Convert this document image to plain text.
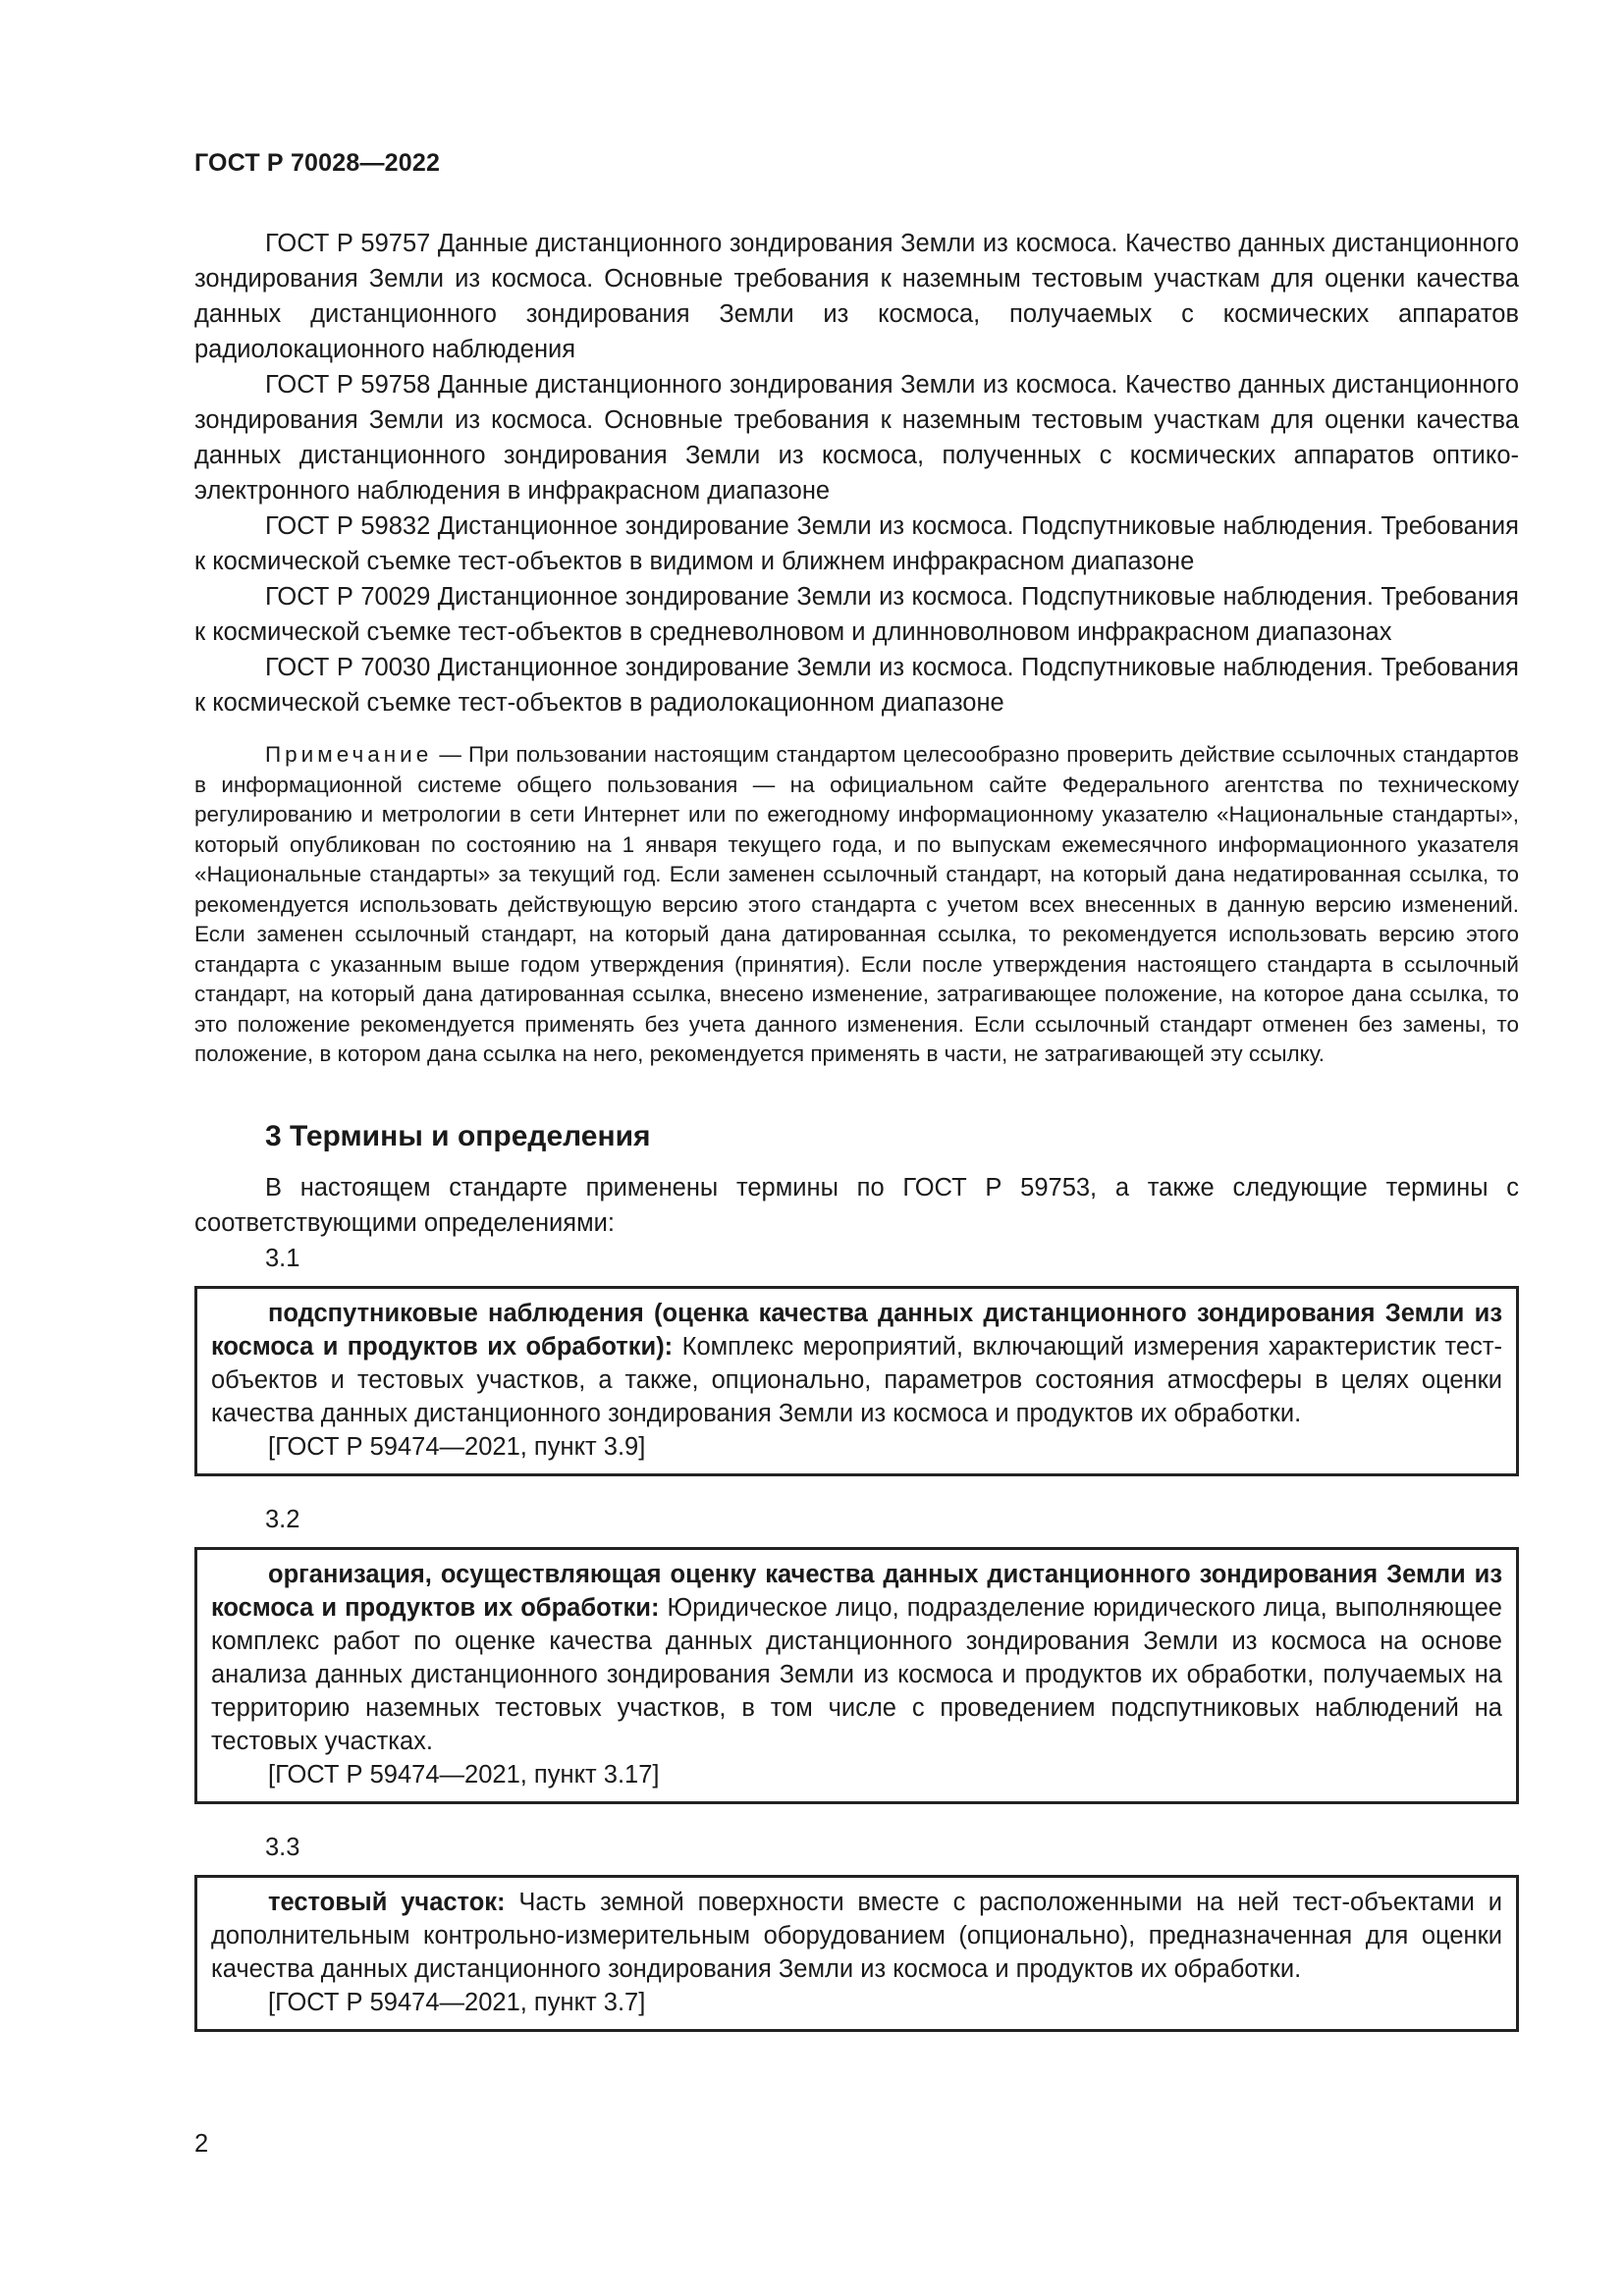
ГОСТ Р 70028—2022

ГОСТ Р 59757 Данные дистанционного зондирования Земли из космоса. Качество данных дистанционного зондирования Земли из космоса. Основные требования к наземным тестовым участкам для оценки качества данных дистанционного зондирования Земли из космоса, получаемых с космических аппаратов радиолокационного наблюдения

ГОСТ Р 59758 Данные дистанционного зондирования Земли из космоса. Качество данных дистанционного зондирования Земли из космоса. Основные требования к наземным тестовым участкам для оценки качества данных дистанционного зондирования Земли из космоса, полученных с космических аппаратов оптико-электронного наблюдения в инфракрасном диапазоне

ГОСТ Р 59832 Дистанционное зондирование Земли из космоса. Подспутниковые наблюдения. Требования к космической съемке тест-объектов в видимом и ближнем инфракрасном диапазоне

ГОСТ Р 70029 Дистанционное зондирование Земли из космоса. Подспутниковые наблюдения. Требования к космической съемке тест-объектов в средневолновом и длинноволновом инфракрасном диапазонах

ГОСТ Р 70030 Дистанционное зондирование Земли из космоса. Подспутниковые наблюдения. Требования к космической съемке тест-объектов в радиолокационном диапазоне

Примечание — При пользовании настоящим стандартом целесообразно проверить действие ссылочных стандартов в информационной системе общего пользования — на официальном сайте Федерального агентства по техническому регулированию и метрологии в сети Интернет или по ежегодному информационному указателю «Национальные стандарты», который опубликован по состоянию на 1 января текущего года, и по выпускам ежемесячного информационного указателя «Национальные стандарты» за текущий год. Если заменен ссылочный стандарт, на который дана недатированная ссылка, то рекомендуется использовать действующую версию этого стандарта с учетом всех внесенных в данную версию изменений. Если заменен ссылочный стандарт, на который дана датированная ссылка, то рекомендуется использовать версию этого стандарта с указанным выше годом утверждения (принятия). Если после утверждения настоящего стандарта в ссылочный стандарт, на который дана датированная ссылка, внесено изменение, затрагивающее положение, на которое дана ссылка, то это положение рекомендуется применять без учета данного изменения. Если ссылочный стандарт отменен без замены, то положение, в котором дана ссылка на него, рекомендуется применять в части, не затрагивающей эту ссылку.

3 Термины и определения

В настоящем стандарте применены термины по ГОСТ Р 59753, а также следующие термины с соответствующими определениями:

3.1

подспутниковые наблюдения (оценка качества данных дистанционного зондирования Земли из космоса и продуктов их обработки): Комплекс мероприятий, включающий измерения характеристик тест-объектов и тестовых участков, а также, опционально, параметров состояния атмосферы в целях оценки качества данных дистанционного зондирования Земли из космоса и продуктов их обработки.

[ГОСТ Р 59474—2021, пункт 3.9]

3.2

организация, осуществляющая оценку качества данных дистанционного зондирования Земли из космоса и продуктов их обработки: Юридическое лицо, подразделение юридического лица, выполняющее комплекс работ по оценке качества данных дистанционного зондирования Земли из космоса на основе анализа данных дистанционного зондирования Земли из космоса и продуктов их обработки, получаемых на территорию наземных тестовых участков, в том числе с проведением подспутниковых наблюдений на тестовых участках.

[ГОСТ Р 59474—2021, пункт 3.17]

3.3

тестовый участок: Часть земной поверхности вместе с расположенными на ней тест-объектами и дополнительным контрольно-измерительным оборудованием (опционально), предназначенная для оценки качества данных дистанционного зондирования Земли из космоса и продуктов их обработки.

[ГОСТ Р 59474—2021, пункт 3.7]

2
